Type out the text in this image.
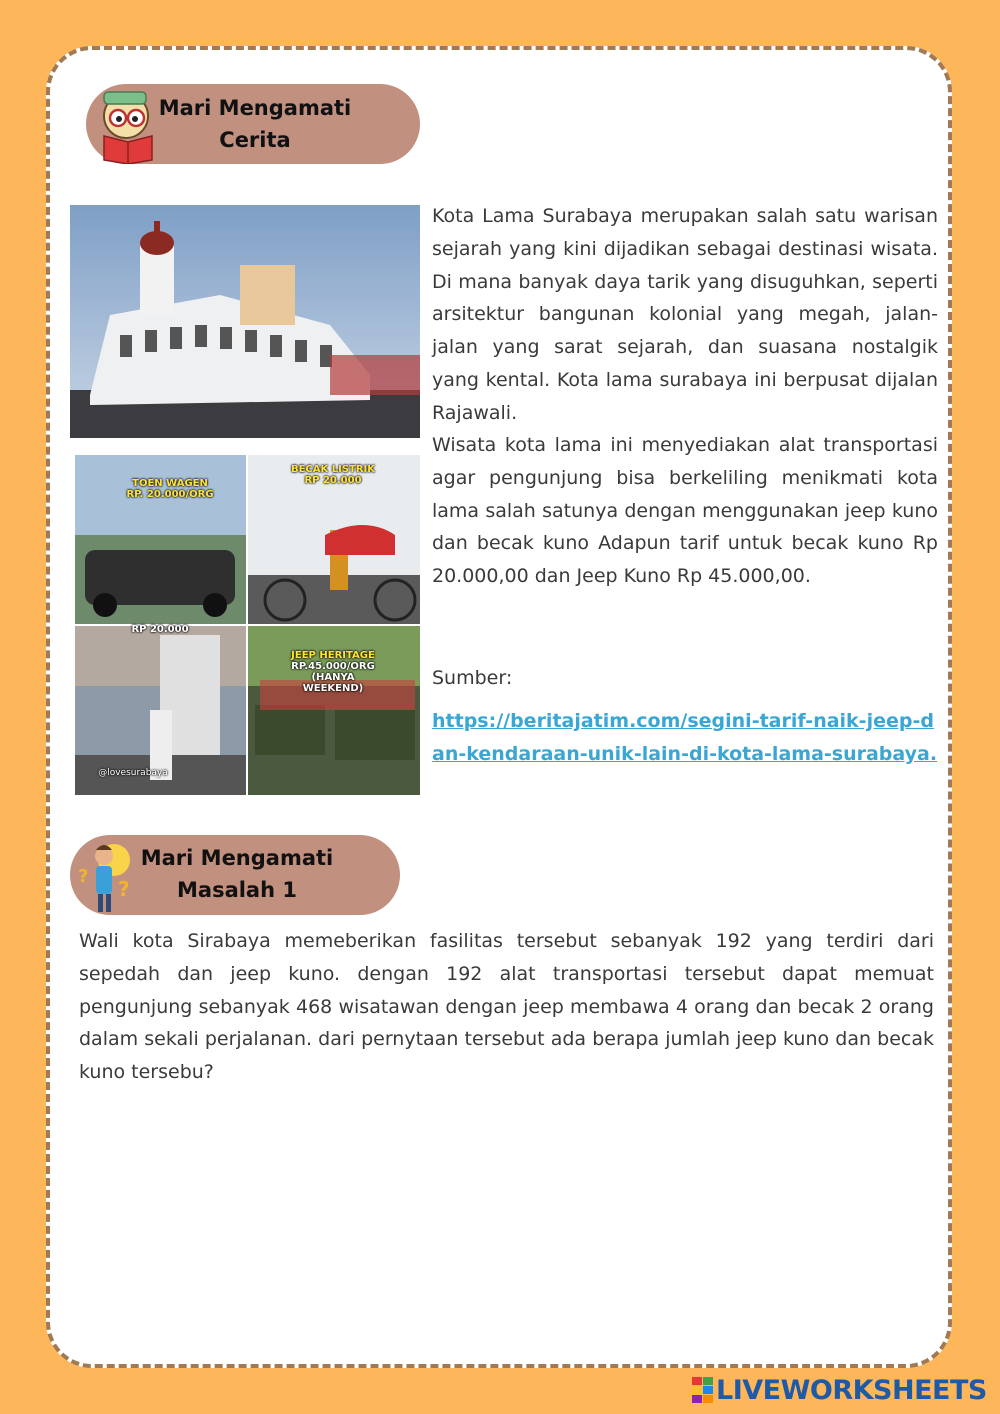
Mari Mengamati
Cerita
TOEN WAGEN
RP. 20.000/ORG
BECAK LISTRIK
RP 20.000
RP 20.000
@lovesurabaya
JEEP HERITAGE
RP.45.000/ORG
(HANYA WEEKEND)

Kota Lama Surabaya merupakan salah satu warisan sejarah yang kini dijadikan sebagai destinasi wisata. Di mana banyak daya tarik yang disuguhkan, seperti arsitektur bangunan kolonial yang megah, jalan-jalan yang sarat sejarah, dan suasana nostalgik yang kental. Kota lama surabaya ini berpusat dijalan Rajawali.

Wisata kota lama ini menyediakan alat transportasi agar pengunjung bisa berkeliling menikmati kota lama salah satunya dengan menggunakan jeep kuno dan becak kuno Adapun tarif untuk becak kuno Rp 20.000,00 dan Jeep Kuno Rp 45.000,00.

Sumber:

https://beritajatim.com/segini-tarif-naik-jeep-dan-kendaraan-unik-lain-di-kota-lama-surabaya.
?
?
Mari Mengamati
Masalah 1

Wali kota Sirabaya memeberikan fasilitas tersebut sebanyak 192 yang terdiri dari sepedah dan jeep kuno. dengan 192 alat transportasi tersebut dapat memuat pengunjung sebanyak 468 wisatawan dengan jeep membawa 4 orang dan becak 2 orang dalam sekali perjalanan. dari pernytaan tersebut ada berapa jumlah jeep kuno dan becak kuno tersebu?

LIVEWORKSHEETS
